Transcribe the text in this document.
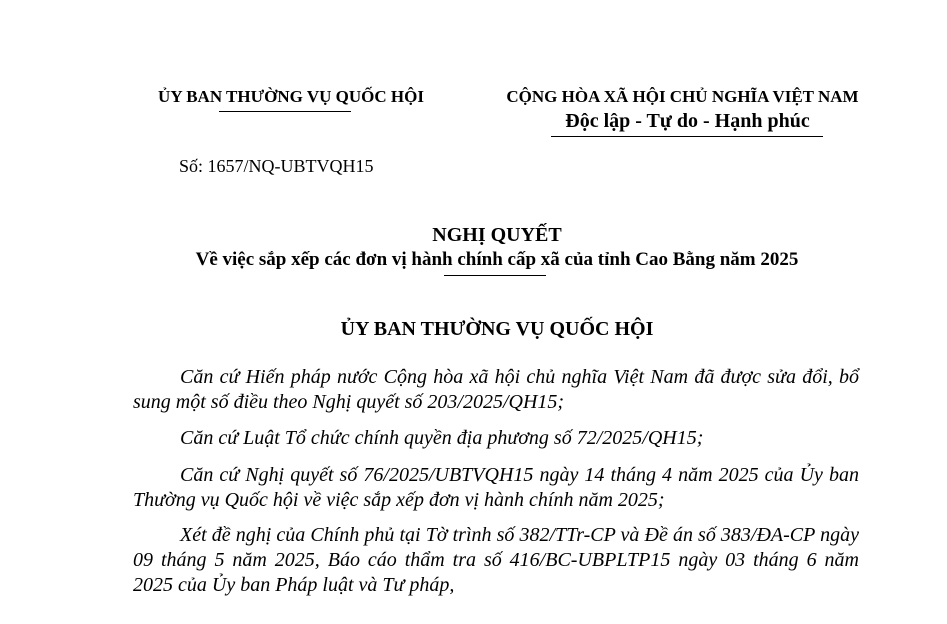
ỦY BAN THƯỜNG VỤ QUỐC HỘI	CỘNG HÒA XÃ HỘI CHỦ NGHĨA VIỆT NAM
Độc lập - Tự do - Hạnh phúc
Số: 1657/NQ-UBTVQH15
NGHỊ QUYẾT
Về việc sắp xếp các đơn vị hành chính cấp xã của tỉnh Cao Bằng năm 2025
ỦY BAN THƯỜNG VỤ QUỐC HỘI
Căn cứ Hiến pháp nước Cộng hòa xã hội chủ nghĩa Việt Nam đã được sửa đổi, bổ sung một số điều theo Nghị quyết số 203/2025/QH15;
Căn cứ Luật Tổ chức chính quyền địa phương số 72/2025/QH15;
Căn cứ Nghị quyết số 76/2025/UBTVQH15 ngày 14 tháng 4 năm 2025 của Ủy ban Thường vụ Quốc hội về việc sắp xếp đơn vị hành chính năm 2025;
Xét đề nghị của Chính phủ tại Tờ trình số 382/TTr-CP và Đề án số 383/ĐA-CP ngày 09 tháng 5 năm 2025, Báo cáo thẩm tra số 416/BC-UBPLTP15 ngày 03 tháng 6 năm 2025 của Ủy ban Pháp luật và Tư pháp,
